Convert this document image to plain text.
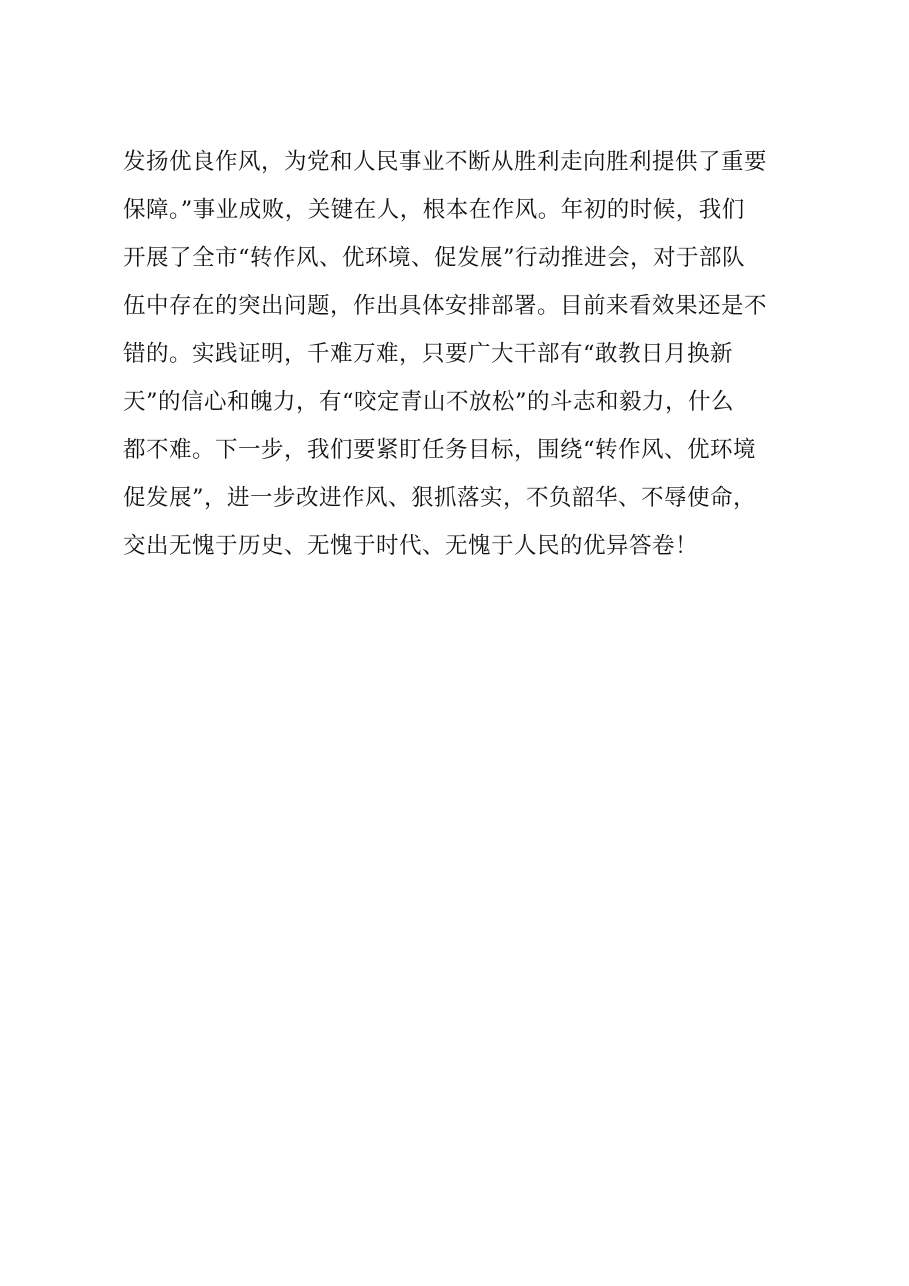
发扬优良作风，为党和人民事业不断从胜利走向胜利提供了重要
保障。”事业成败，关键在人，根本在作风。年初的时候，我们
开展了全市“转作风、优环境、促发展”行动推进会，对于部队
伍中存在的突出问题，作出具体安排部署。目前来看效果还是不
错的。实践证明，千难万难，只要广大干部有“敢教日月换新
天”的信心和魄力，有“咬定青山不放松”的斗志和毅力，什么
都不难。下一步，我们要紧盯任务目标，围绕“转作风、优环境
促发展”，进一步改进作风、狠抓落实，不负韶华、不辱使命，
交出无愧于历史、无愧于时代、无愧于人民的优异答卷！
